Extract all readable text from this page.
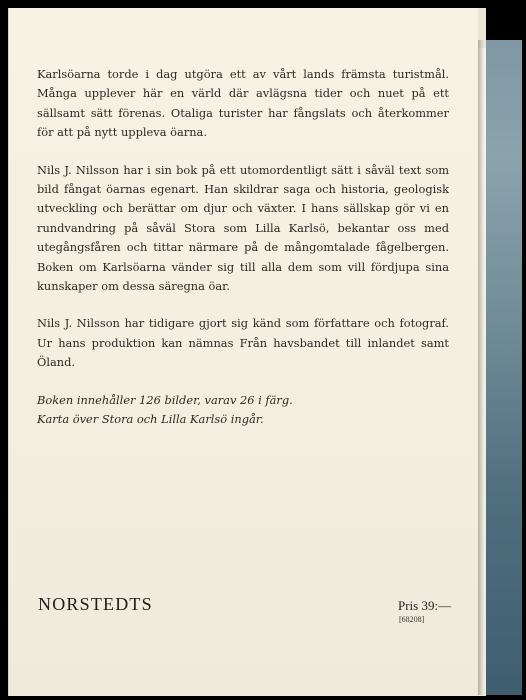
Karlsöarna torde i dag utgöra ett av vårt lands främsta turistmål. Många upplever här en värld där avlägsna tider och nuet på ett sällsamt sätt förenas. Otaliga turister har fångslats och återkommer för att på nytt uppleva öarna.

Nils J. Nilsson har i sin bok på ett utomordentligt sätt i såväl text som bild fångat öarnas egenart. Han skildrar saga och historia, geologisk utveckling och berättar om djur och växter. I hans sällskap gör vi en rundvandring på såväl Stora som Lilla Karlsö, bekantar oss med utegångsfåren och tittar närmare på de mångomtalade fågelbergen. Boken om Karlsöarna vänder sig till alla dem som vill fördjupa sina kunskaper om dessa säregna öar.

Nils J. Nilsson har tidigare gjort sig känd som författare och fotograf. Ur hans produktion kan nämnas Från havsbandet till inlandet samt Öland.

Boken innehåller 126 bilder, varav 26 i färg.
Karta över Stora och Lilla Karlsö ingår.
NORSTEDTS	Pris 39:—
[68208]
